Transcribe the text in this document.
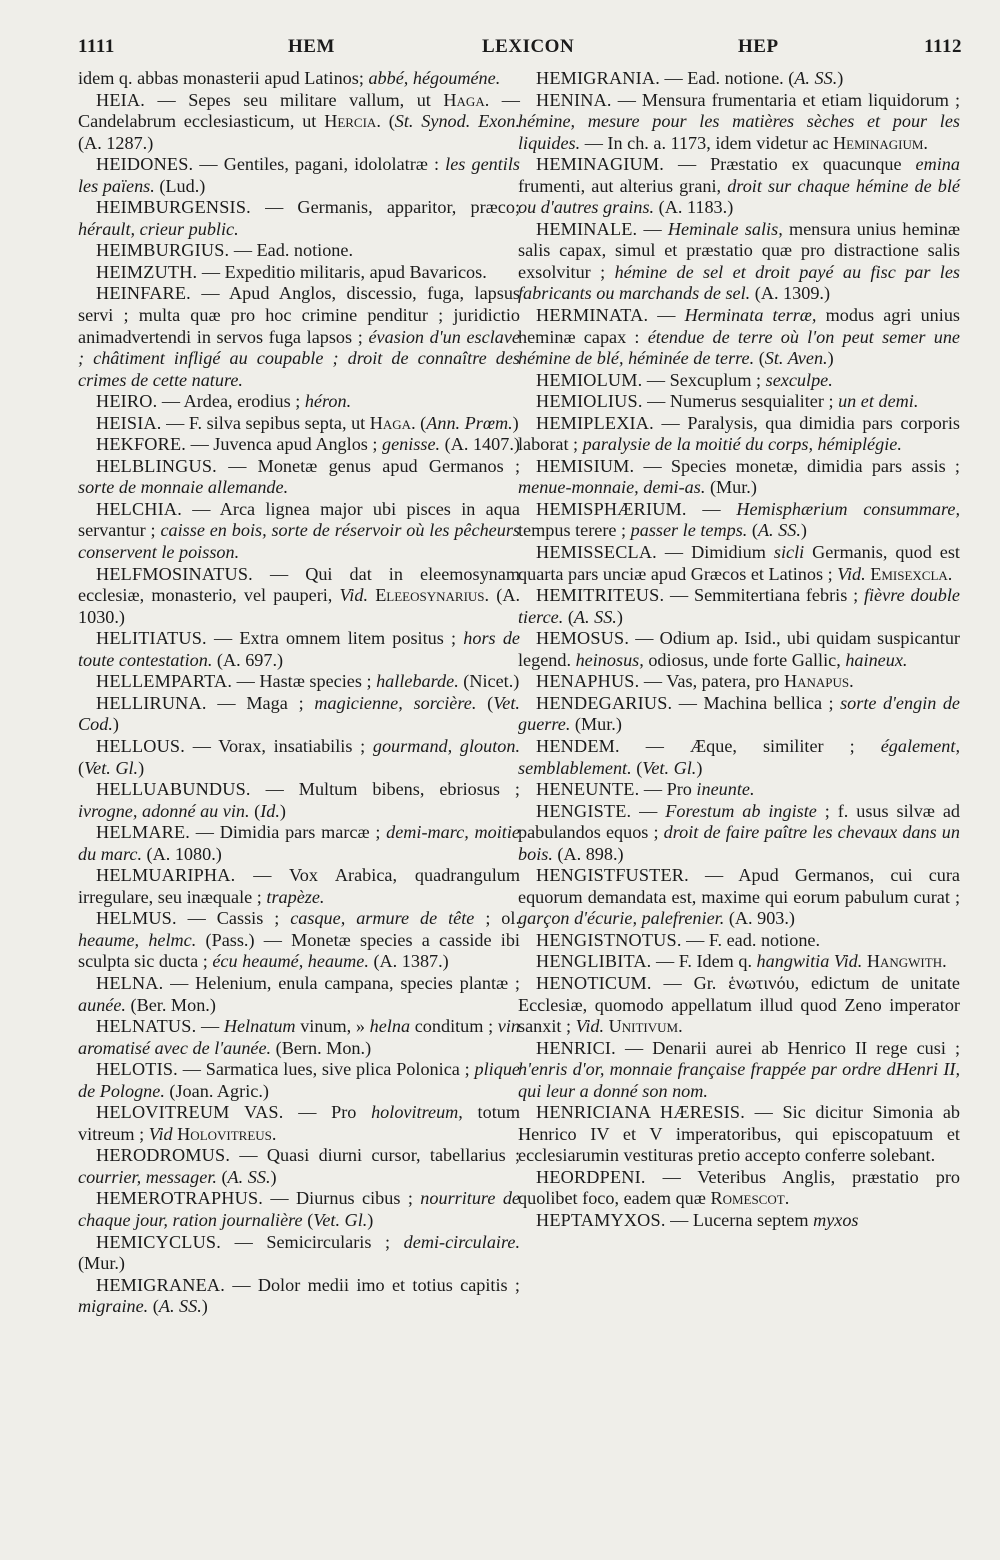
1111	HEM	LEXICON	HEP	1112

idem q. abbas monasterii apud Latinos; abbé, hégouméne.

HEIA. — Sepes seu militare vallum, ut Haga. — Candelabrum ecclesiasticum, ut Hercia. (St. Synod. Exon. (A. 1287.)

HEIDONES. — Gentiles, pagani, idololatræ : les gentils les païens. (Lud.)

HEIMBURGENSIS. — Germanis, apparitor, præco; hérault, crieur public.

HEIMBURGIUS. — Ead. notione.

HEIMZUTH. — Expeditio militaris, apud Bavaricos.

HEINFARE. — Apud Anglos, discessio, fuga, lapsus servi ; multa quæ pro hoc crimine penditur ; juridictio animadvertendi in servos fuga lapsos ; évasion d'un esclave ; châtiment infligé au coupable ; droit de connaître des crimes de cette nature.

HEIRO. — Ardea, erodius ; héron.

HEISIA. — F. silva sepibus septa, ut Haga. (Ann. Prœm.)

HEKFORE. — Juvenca apud Anglos ; genisse. (A. 1407.)

HELBLINGUS. — Monetæ genus apud Germanos ; sorte de monnaie allemande.

HELCHIA. — Arca lignea major ubi pisces in aqua servantur ; caisse en bois, sorte de réservoir où les pêcheurs conservent le poisson.

HELFMOSINATUS. — Qui dat in eleemosynam ecclesiæ, monasterio, vel pauperi, Vid. Eleeosynarius. (A. 1030.)

HELITIATUS. — Extra omnem litem positus ; hors de toute contestation. (A. 697.)

HELLEMPARTA. — Hastæ species ; hallebarde. (Nicet.)

HELLIRUNA. — Maga ; magicienne, sorcière. (Vet. Cod.)

HELLOUS. — Vorax, insatiabilis ; gourmand, glouton. (Vet. Gl.)

HELLUABUNDUS. — Multum bibens, ebriosus ; ivrogne, adonné au vin. (Id.)

HELMARE. — Dimidia pars marcæ ; demi-marc, moitie du marc. (A. 1080.)

HELMUARIPHA. — Vox Arabica, quadrangulum irregulare, seu inæquale ; trapèze.

HELMUS. — Cassis ; casque, armure de tête ; ol. heaume, helmc. (Pass.) — Monetæ species a casside ibi sculpta sic ducta ; écu heaumé, heaume. (A. 1387.)

HELNA. — Helenium, enula campana, species plantæ ; aunée. (Ber. Mon.)

HELNATUS. — Helnatum vinum, » helna conditum ; vin aromatisé avec de l'aunée. (Bern. Mon.)

HELOTIS. — Sarmatica lues, sive plica Polonica ; plique de Pologne. (Joan. Agric.)

HELOVITREUM VAS. — Pro holovitreum, totum vitreum ; Vid Holovitreus.

HERODROMUS. — Quasi diurni cursor, tabellarius ; courrier, messager. (A. SS.)

HEMEROTRAPHUS. — Diurnus cibus ; nourriture de chaque jour, ration journalière (Vet. Gl.)

HEMICYCLUS. — Semicircularis ; demi-circulaire. (Mur.)

HEMIGRANEA. — Dolor medii imo et totius capitis ; migraine. (A. SS.)

HEMIGRANIA. — Ead. notione. (A. SS.)

HENINA. — Mensura frumentaria et etiam liquidorum ; hémine, mesure pour les matières sèches et pour les liquides. — In ch. a. 1173, idem videtur ac Heminagium.

HEMINAGIUM. — Præstatio ex quacunque emina frumenti, aut alterius grani, droit sur chaque hémine de blé ou d'autres grains. (A. 1183.)

HEMINALE. — Heminale salis, mensura unius heminæ salis capax, simul et præstatio quæ pro distractione salis exsolvitur ; hémine de sel et droit payé au fisc par les fabricants ou marchands de sel. (A. 1309.)

HERMINATA. — Herminata terræ, modus agri unius heminæ capax : étendue de terre où l'on peut semer une hémine de blé, héminée de terre. (St. Aven.)

HEMIOLUM. — Sexcuplum ; sexculpe.

HEMIOLIUS. — Numerus sesquialiter ; un et demi.

HEMIPLEXIA. — Paralysis, qua dimidia pars corporis laborat ; paralysie de la moitié du corps, hémiplégie.

HEMISIUM. — Species monetæ, dimidia pars assis ; menue-monnaie, demi-as. (Mur.)

HEMISPHÆRIUM. — Hemisphærium consummare, tempus terere ; passer le temps. (A. SS.)

HEMISSECLA. — Dimidium sicli Germanis, quod est quarta pars unciæ apud Græcos et Latinos ; Vid. Emisexcla.

HEMITRITEUS. — Semmitertiana febris ; fièvre double tierce. (A. SS.)

HEMOSUS. — Odium ap. Isid., ubi quidam suspicantur legend. heinosus, odiosus, unde forte Gallic, haineux.

HENAPHUS. — Vas, patera, pro Hanapus.

HENDEGARIUS. — Machina bellica ; sorte d'engin de guerre. (Mur.)

HENDEM. — Æque, similiter ; également, semblablement. (Vet. Gl.)

HENEUNTE. — Pro ineunte.

HENGISTE. — Forestum ab ingiste ; f. usus silvæ ad pabulandos equos ; droit de faire paître les chevaux dans un bois. (A. 898.)

HENGISTFUSTER. — Apud Germanos, cui cura equorum demandata est, maxime qui eorum pabulum curat ; garçon d'écurie, palefrenier. (A. 903.)

HENGISTNOTUS. — F. ead. notione.

HENGLIBITA. — F. Idem q. hangwitia Vid. Hangwith.

HENOTICUM. — Gr. ἑνωτινόυ, edictum de unitate Ecclesiæ, quomodo appellatum illud quod Zeno imperator sanxit ; Vid. Unitivum.

HENRICI. — Denarii aurei ab Henrico II rege cusi ; h'enris d'or, monnaie française frappée par ordre dHenri II, qui leur a donné son nom.

HENRICIANA HÆRESIS. — Sic dicitur Simonia ab Henrico IV et V imperatoribus, qui episcopatuum et ecclesiarumin vestituras pretio accepto conferre solebant.

HEORDPENI. — Veteribus Anglis, præstatio pro quolibet foco, eadem quæ Romescot.

HEPTAMYXOS. — Lucerna septem myxos
